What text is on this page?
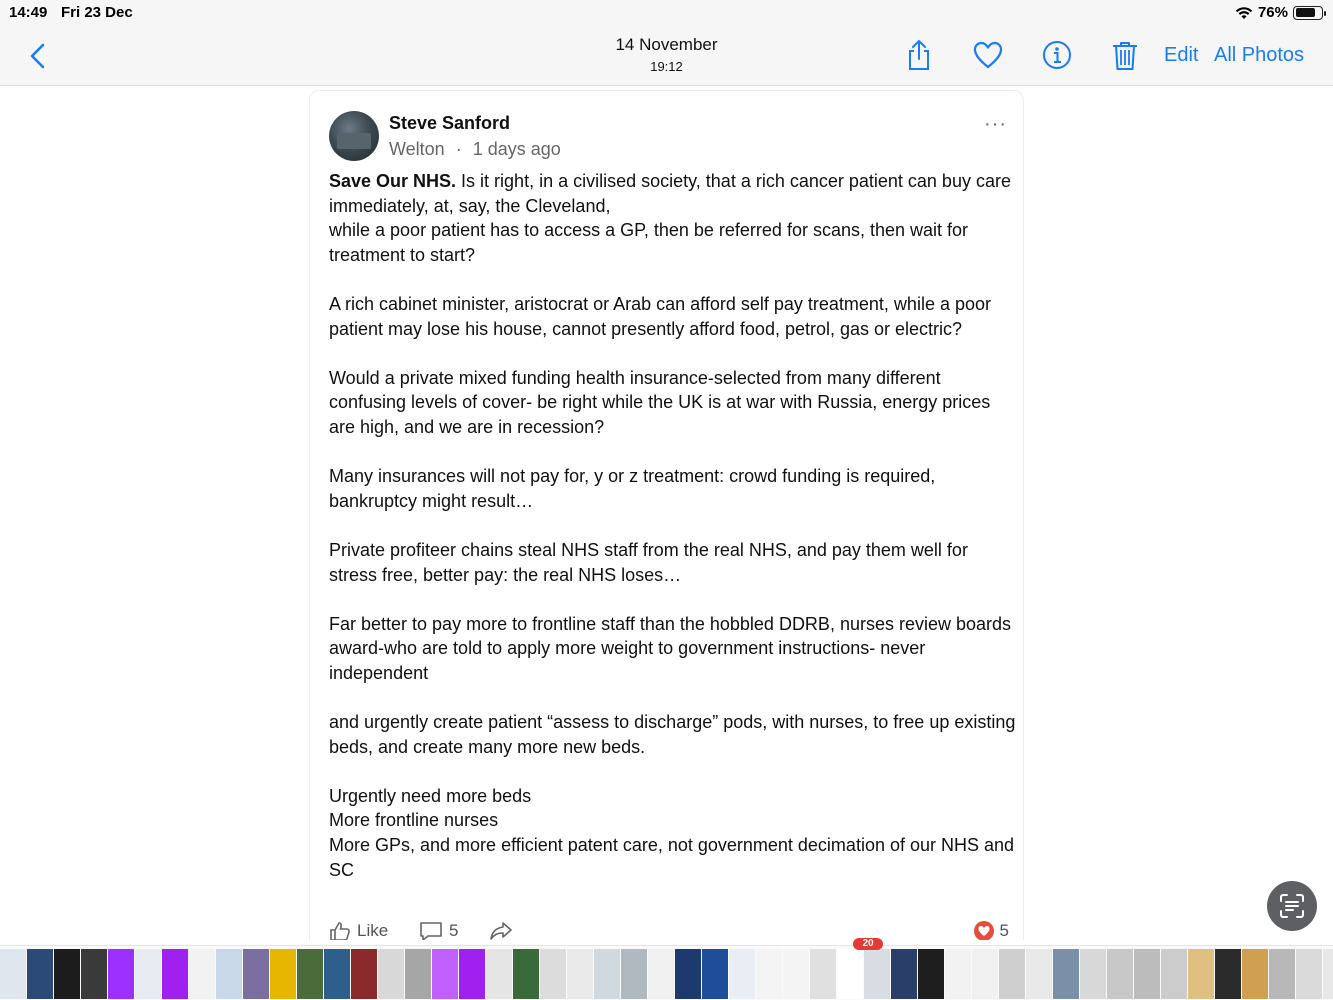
14:49 Fri 23 Dec	76%
14 November
19:12
Edit All Photos
Steve Sanford
Welton · 1 days ago
···

Save Our NHS. Is it right, in a civilised society, that a rich cancer patient can buy care immediately, at, say, the Cleveland,
while a poor patient has to access a GP, then be referred for scans, then wait for treatment to start?

A rich cabinet minister, aristocrat or Arab can afford self pay treatment, while a poor patient may lose his house, cannot presently afford food, petrol, gas or electric?

Would a private mixed funding health insurance-selected from many different confusing levels of cover- be right while the UK is at war with Russia, energy prices are high, and we are in recession?

Many insurances will not pay for, y or z treatment: crowd funding is required, bankruptcy might result…

Private profiteer chains steal NHS staff from the real NHS, and pay them well for stress free, better pay: the real NHS loses…

Far better to pay more to frontline staff than the hobbled DDRB, nurses review boards award-who are told to apply more weight to government instructions- never independent

and urgently create patient “assess to discharge” pods, with nurses, to free up existing beds, and create many more new beds.

Urgently need more beds
More frontline nurses
More GPs, and more efficient patent care, not government decimation of our NHS and SC

Like	5	5
20
